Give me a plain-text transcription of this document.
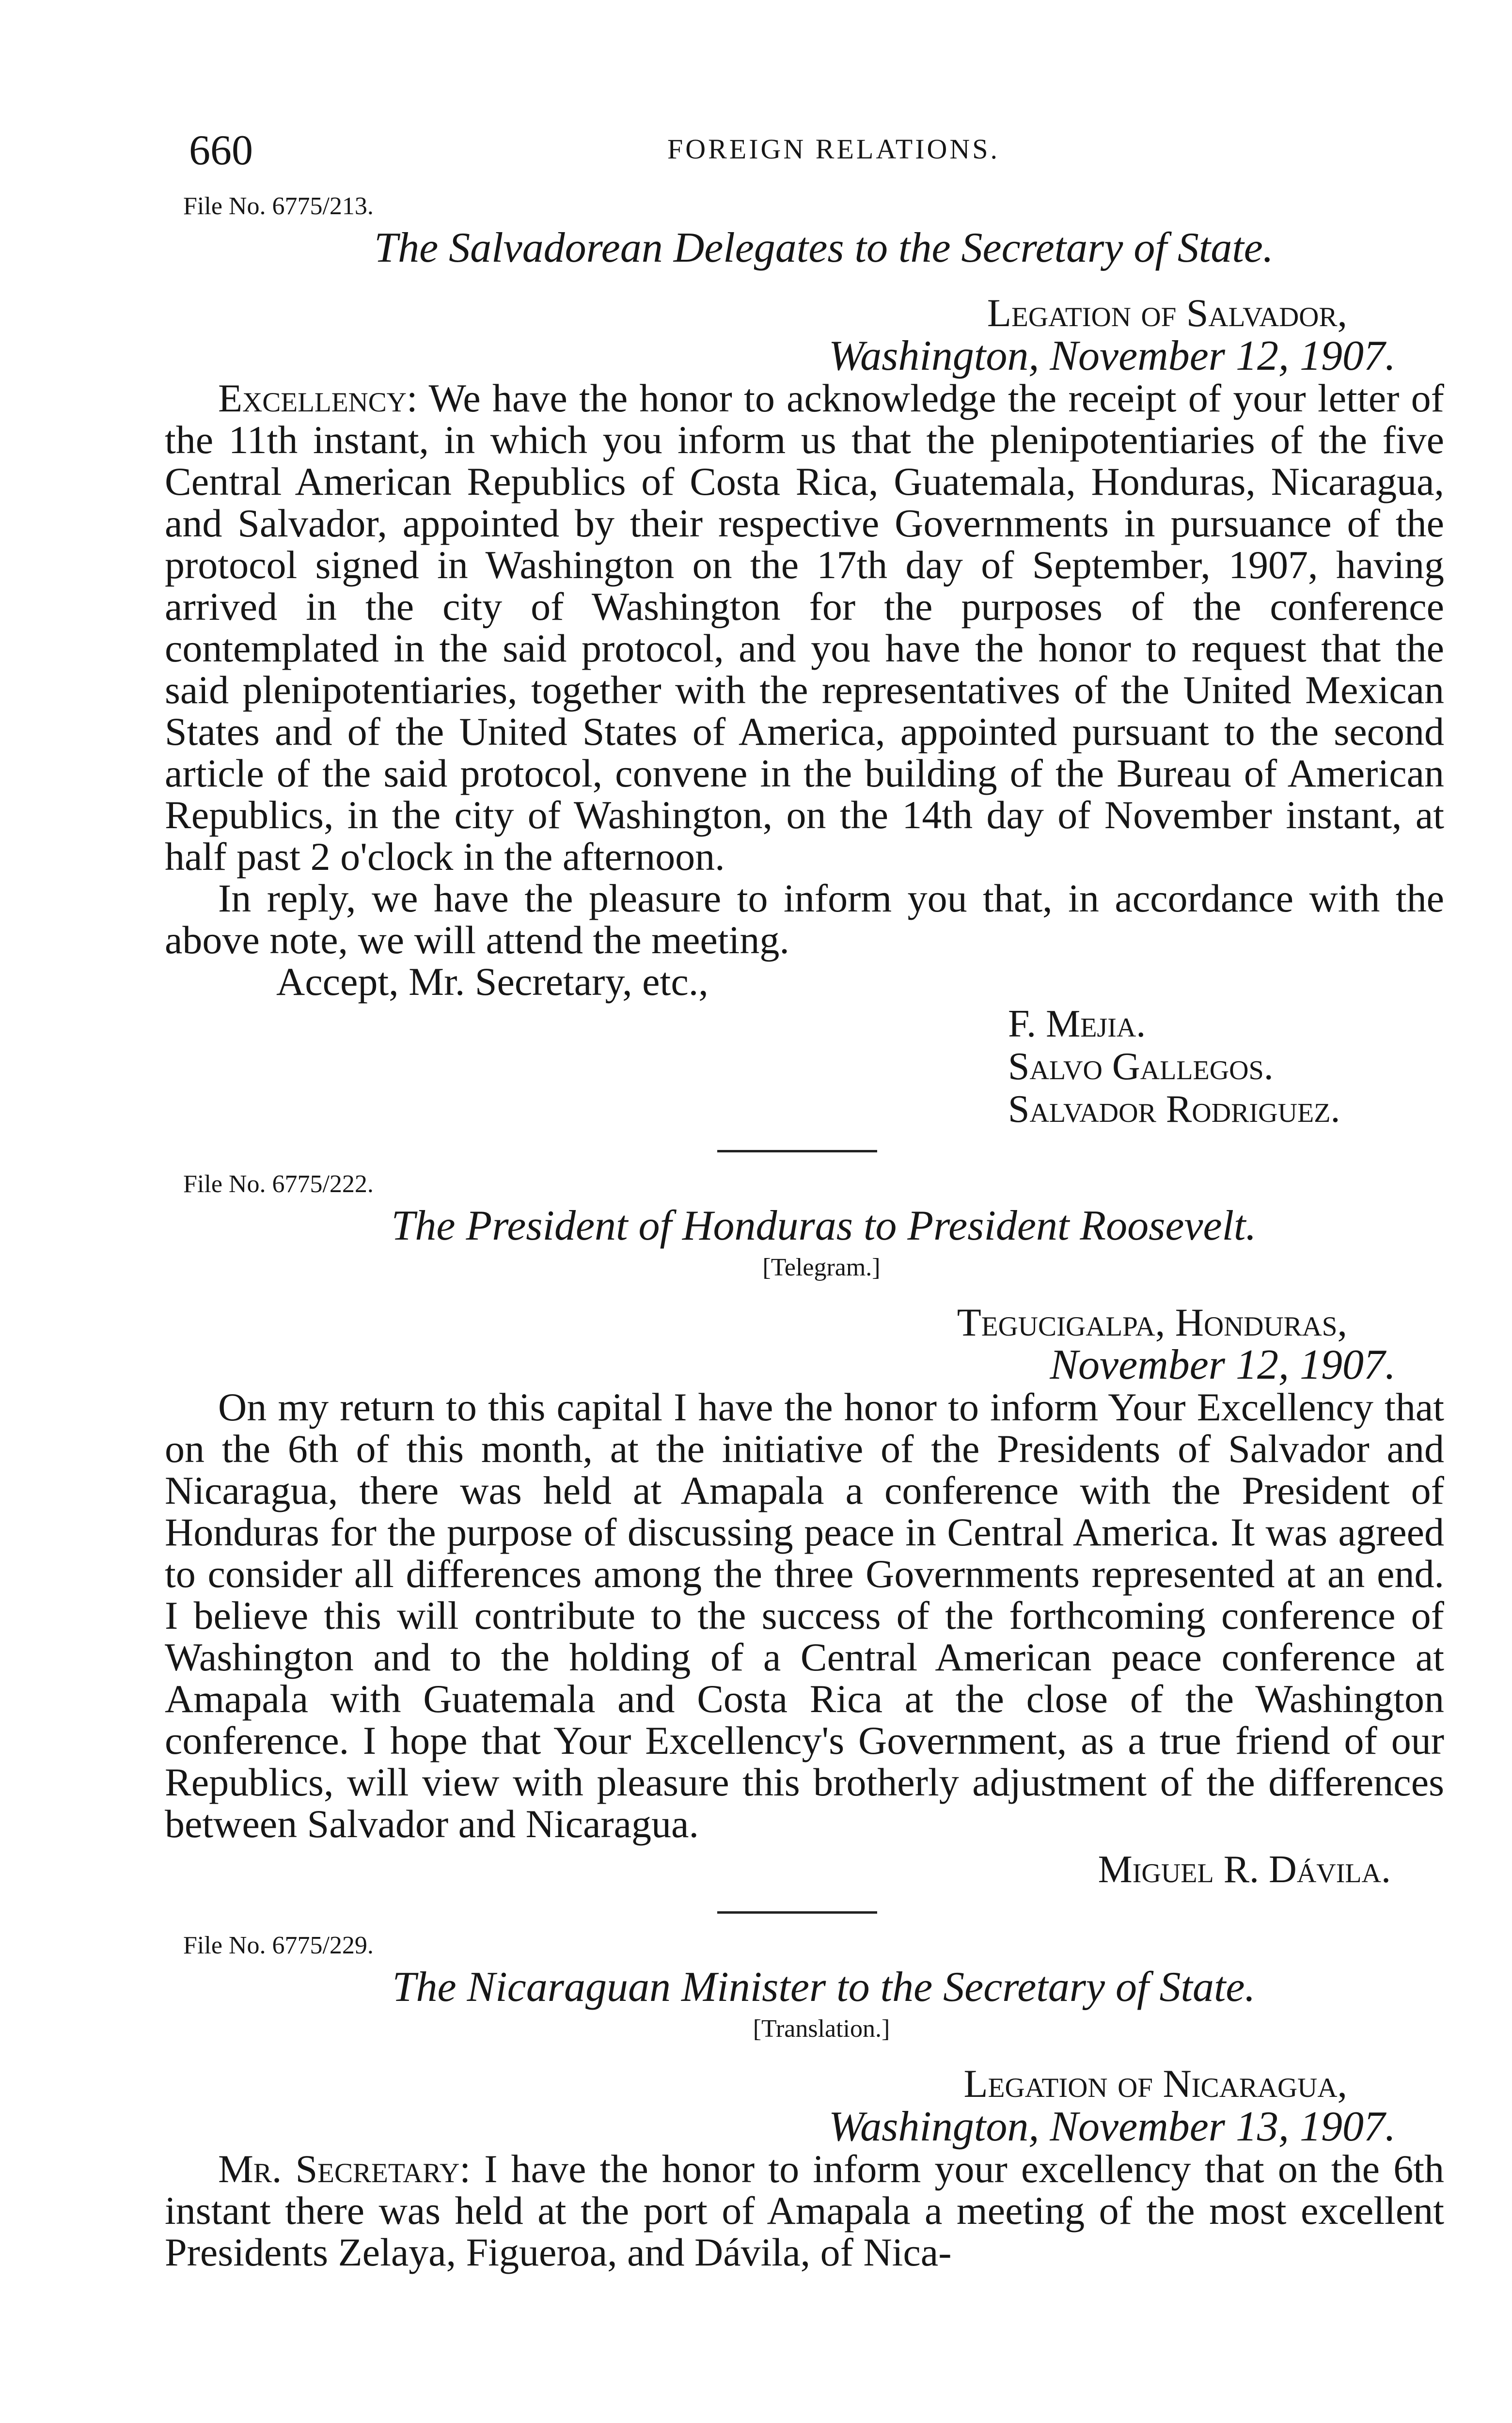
660	FOREIGN RELATIONS.
File No. 6775/213.
The Salvadorean Delegates to the Secretary of State.
Legation of Salvador,
Washington, November 12, 1907.

Excellency: We have the honor to acknowledge the receipt of your letter of the 11th instant, in which you inform us that the plenipotentiaries of the five Central American Republics of Costa Rica, Guatemala, Honduras, Nicaragua, and Salvador, appointed by their respective Governments in pursuance of the protocol signed in Washington on the 17th day of September, 1907, having arrived in the city of Washington for the purposes of the conference contemplated in the said protocol, and you have the honor to request that the said plenipotentiaries, together with the representatives of the United Mexican States and of the United States of America, appointed pursuant to the second article of the said protocol, convene in the building of the Bureau of American Republics, in the city of Washington, on the 14th day of November instant, at half past 2 o'clock in the afternoon.

In reply, we have the pleasure to inform you that, in accordance with the above note, we will attend the meeting.

Accept, Mr. Secretary, etc.,
F. Mejia.
Salvo Gallegos.
Salvador Rodriguez.
File No. 6775/222.
The President of Honduras to President Roosevelt.
[Telegram.]
Tegucigalpa, Honduras,
November 12, 1907.

On my return to this capital I have the honor to inform Your Excellency that on the 6th of this month, at the initiative of the Presidents of Salvador and Nicaragua, there was held at Amapala a conference with the President of Honduras for the purpose of discussing peace in Central America. It was agreed to consider all differences among the three Governments represented at an end. I believe this will contribute to the success of the forthcoming conference of Washington and to the holding of a Central American peace conference at Amapala with Guatemala and Costa Rica at the close of the Washington conference. I hope that Your Excellency's Government, as a true friend of our Republics, will view with pleasure this brotherly adjustment of the differences between Salvador and Nicaragua.

Miguel R. Dávila.
File No. 6775/229.
The Nicaraguan Minister to the Secretary of State.
[Translation.]
Legation of Nicaragua,
Washington, November 13, 1907.

Mr. Secretary: I have the honor to inform your excellency that on the 6th instant there was held at the port of Amapala a meeting of the most excellent Presidents Zelaya, Figueroa, and Dávila, of Nica-
